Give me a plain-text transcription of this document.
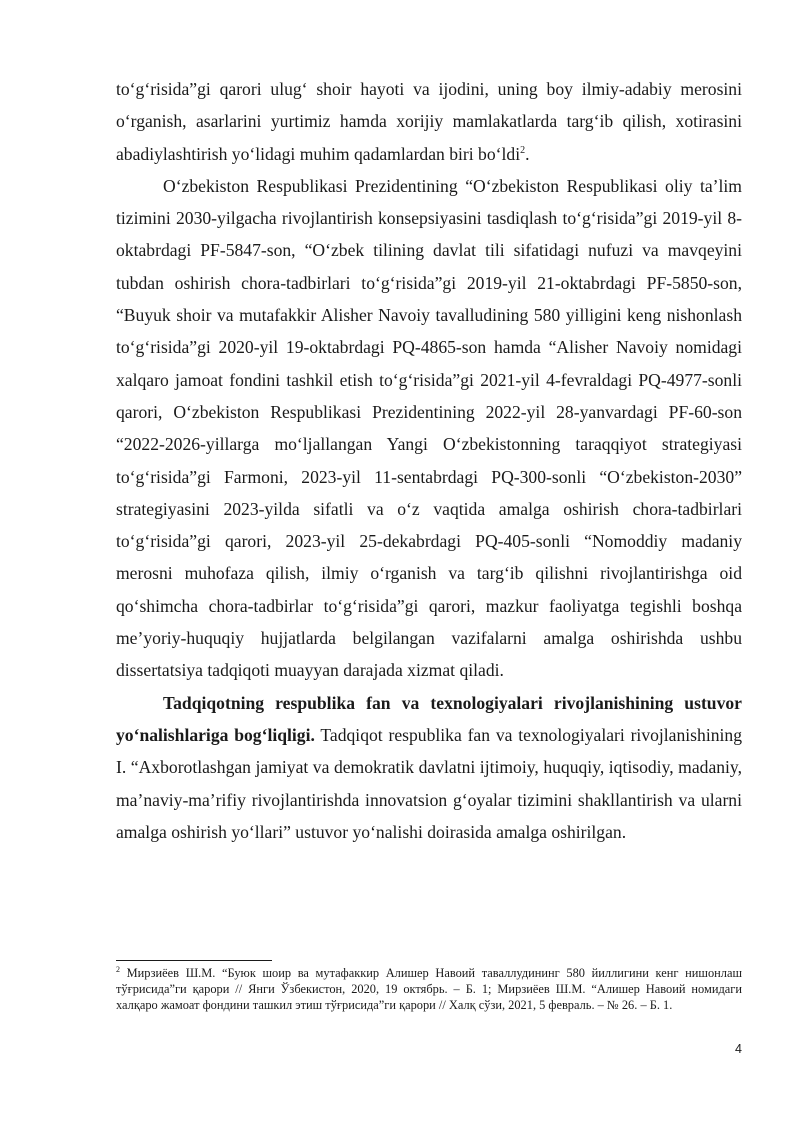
to‘g‘risida”gi qarori ulug‘ shoir hayoti va ijodini, uning boy ilmiy-adabiy merosini o‘rganish, asarlarini yurtimiz hamda xorijiy mamlakatlarda targ‘ib qilish, xotirasini abadiylashtirish yo‘lidagi muhim qadamlardan biri bo‘ldi$^2$.

O‘zbekiston Respublikasi Prezidentining “O‘zbekiston Respublikasi oliy ta’lim tizimini 2030-yilgacha rivojlantirish konsepsiyasini tasdiqlash to‘g‘risida”gi 2019-yil 8-oktabrdagi PF-5847-son, “O‘zbek tilining davlat tili sifatidagi nufuzi va mavqeyini tubdan oshirish chora-tadbirlari to‘g‘risida”gi 2019-yil 21-oktabrdagi PF-5850-son, “Buyuk shoir va mutafakkir Alisher Navoiy tavalludining 580 yilligini keng nishonlash to‘g‘risida”gi 2020-yil 19-oktabrdagi PQ-4865-son hamda “Alisher Navoiy nomidagi xalqaro jamoat fondini tashkil etish to‘g‘risida”gi 2021-yil 4-fevraldagi PQ-4977-sonli qarori, O‘zbekiston Respublikasi Prezidentining 2022-yil 28-yanvardagi PF-60-son “2022-2026-yillarga mo‘ljallangan Yangi O‘zbekistonning taraqqiyot strategiyasi to‘g‘risida”gi Farmoni, 2023-yil 11-sentabrdagi PQ-300-sonli “O‘zbekiston-2030” strategiyasini 2023-yilda sifatli va o‘z vaqtida amalga oshirish chora-tadbirlari to‘g‘risida”gi qarori, 2023-yil 25-dekabrdagi PQ-405-sonli “Nomoddiy madaniy merosni muhofaza qilish, ilmiy o‘rganish va targ‘ib qilishni rivojlantirishga oid qo‘shimcha chora-tadbirlar to‘g‘risida”gi qarori, mazkur faoliyatga tegishli boshqa me’yoriy-huquqiy hujjatlarda belgilangan vazifalarni amalga oshirishda ushbu dissertatsiya tadqiqoti muayyan darajada xizmat qiladi.

Tadqiqotning respublika fan va texnologiyalari rivojlanishining ustuvor yo‘nalishlariga bog‘liqligi. Tadqiqot respublika fan va texnologiyalari rivojlanishining I. “Axborotlashgan jamiyat va demokratik davlatni ijtimoiy, huquqiy, iqtisodiy, madaniy, ma’naviy-ma’rifiy rivojlantirishda innovatsion g‘oyalar tizimini shakllantirish va ularni amalga oshirish yo‘llari” ustuvor yo‘nalishi doirasida amalga oshirilgan.

$^2$ Мирзиёев Ш.М. “Буюк шоир ва мутафаккир Алишер Навоий таваллудининг 580 йиллигини кенг нишонлаш тўғрисида”ги қарори // Янги Ўзбекистон, 2020, 19 октябрь. – Б. 1; Мирзиёев Ш.М. “Алишер Навоий номидаги халқаро жамоат фондини ташкил этиш тўғрисида”ги қарори // Халқ сўзи, 2021, 5 февраль. – № 26. – Б. 1.

4
